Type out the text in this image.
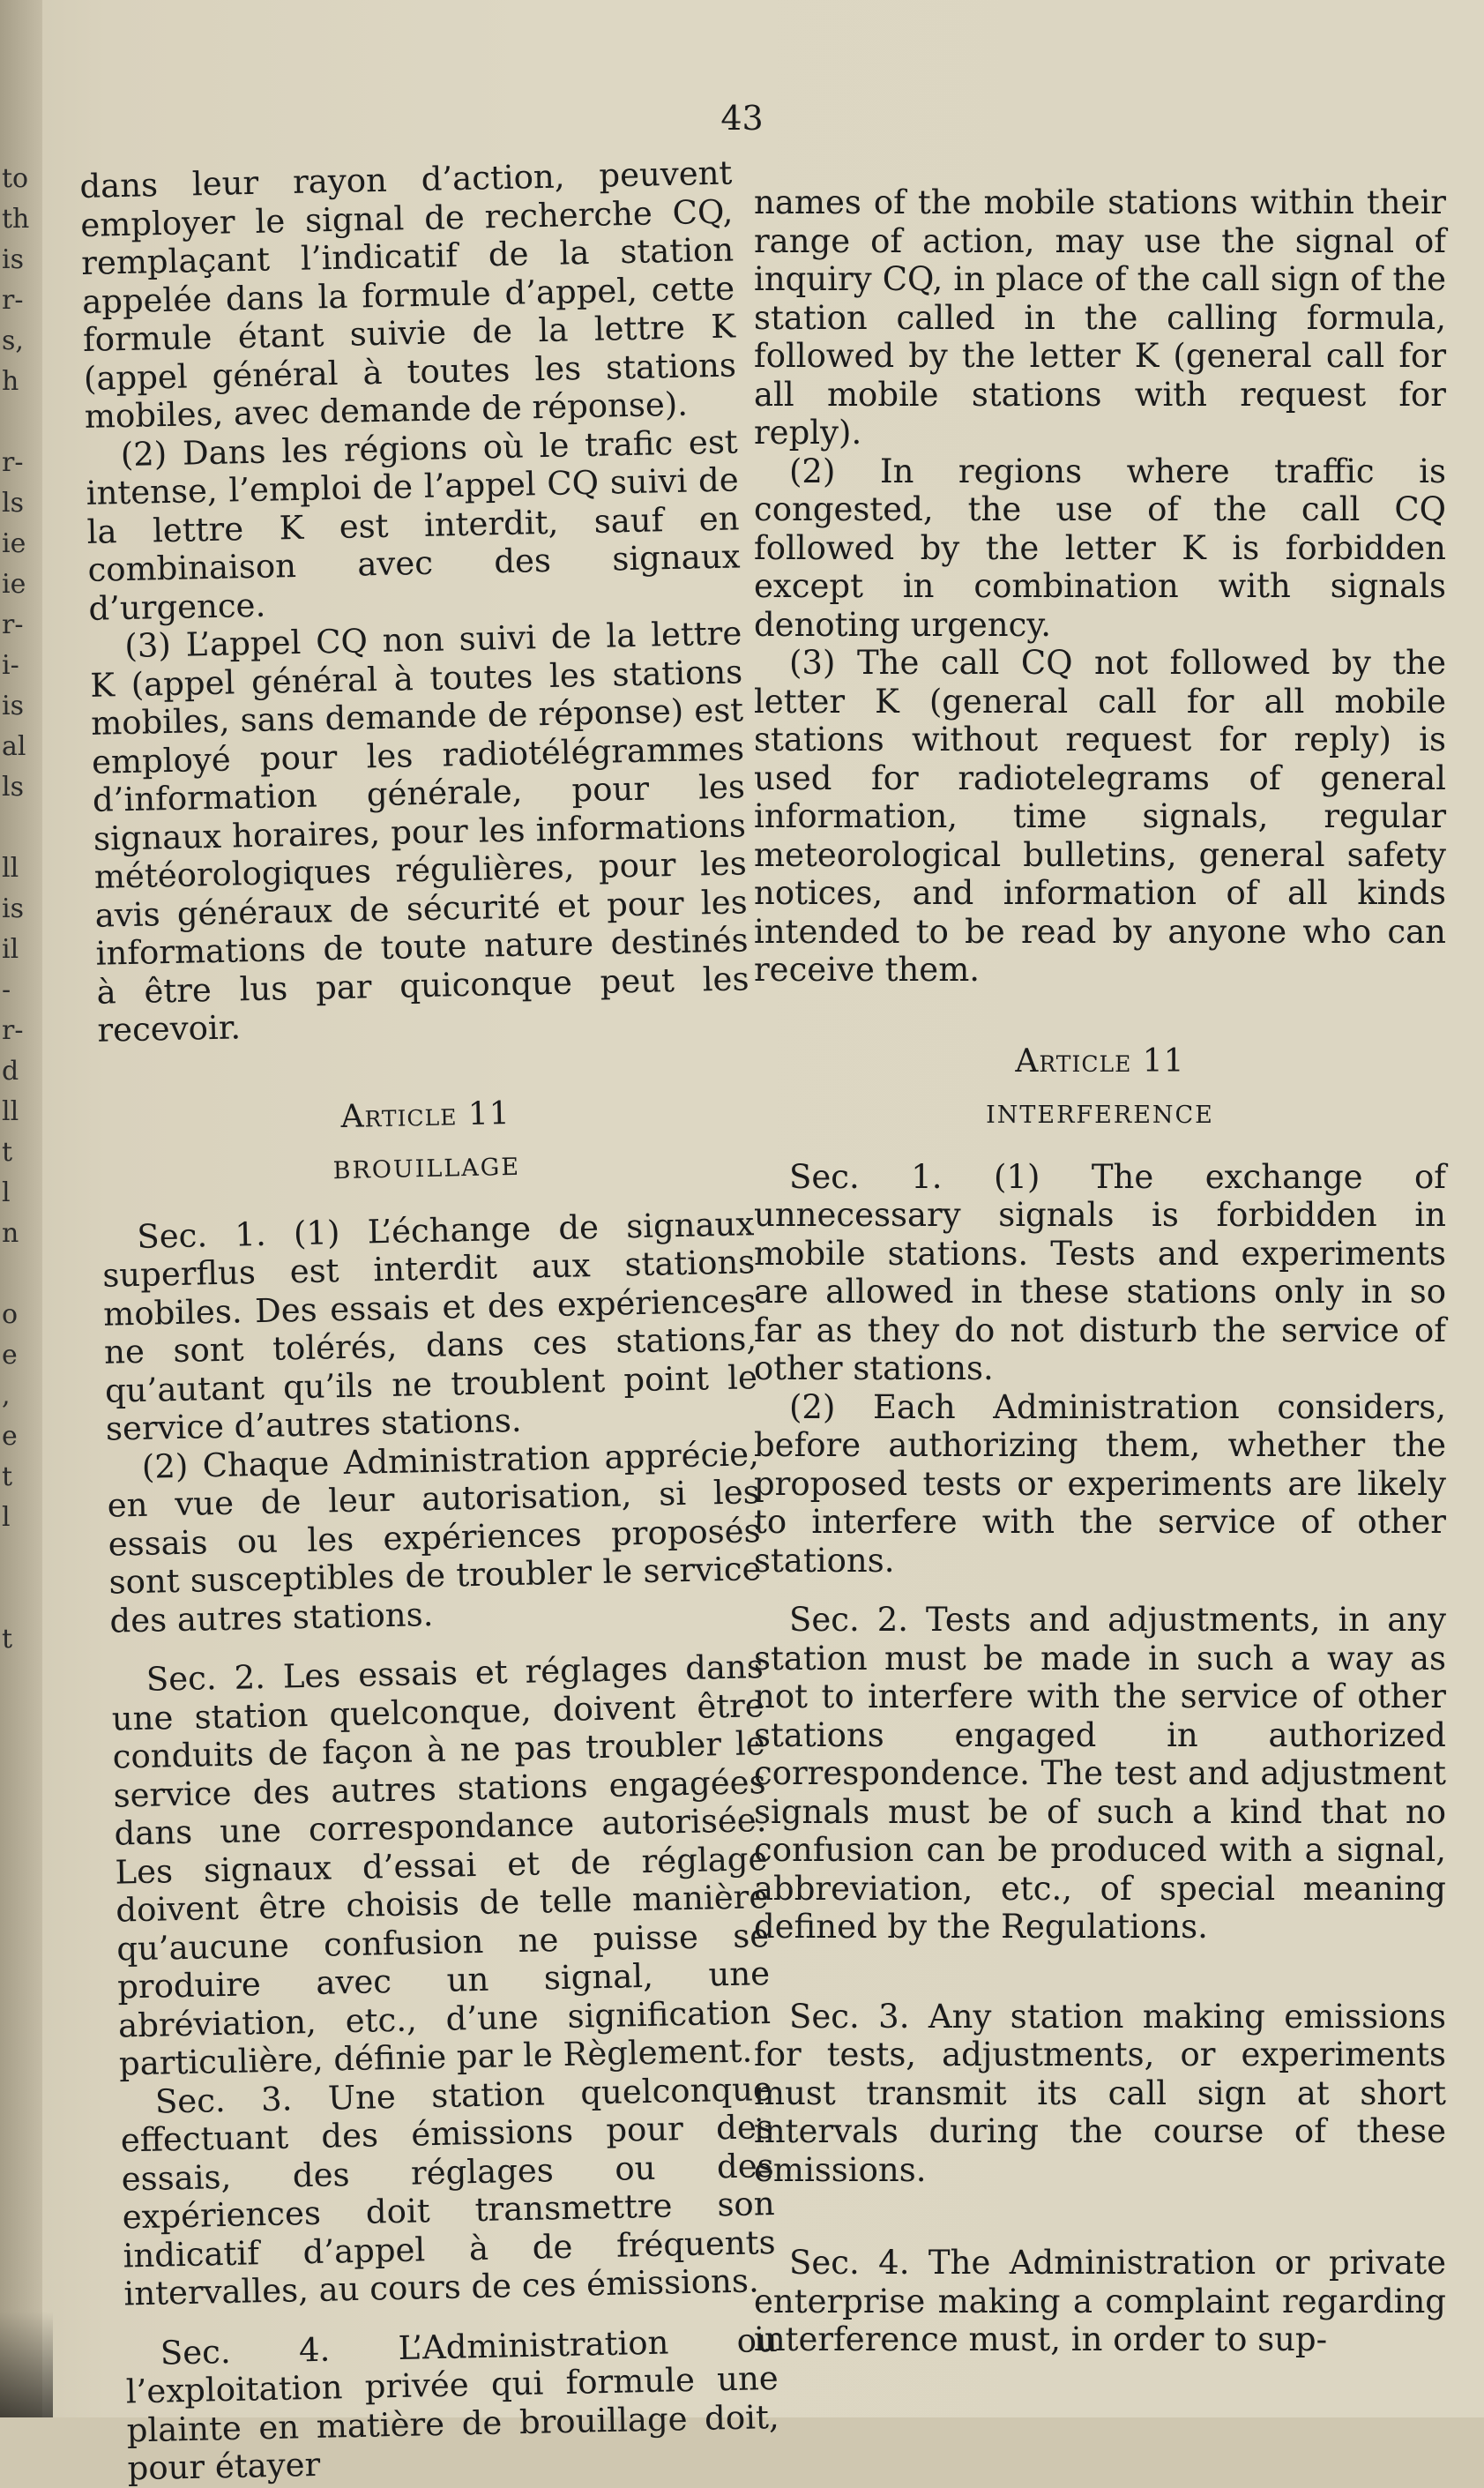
to
th
is
r-
s,
h
r-
ls
ie
ie
r-
i-
is
al
ls
ll
is
il
-
r-
d
ll
t
l
n
o
e
,
e
t
l
t
43

dans leur rayon d’action, peuvent employer le signal de recherche CQ, remplaçant l’indicatif de la station appelée dans la formule d’appel, cette formule étant suivie de la lettre K (appel général à toutes les stations mobiles, avec demande de réponse).

(2) Dans les régions où le trafic est intense, l’emploi de l’appel CQ suivi de la lettre K est interdit, sauf en combinaison avec des signaux d’urgence.

(3) L’appel CQ non suivi de la lettre K (appel général à toutes les stations mobiles, sans demande de réponse) est employé pour les radiotélégrammes d’information générale, pour les signaux horaires, pour les informations météorologiques régulières, pour les avis généraux de sécurité et pour les informations de toute nature destinés à être lus par quiconque peut les recevoir.

Article 11
BROUILLAGE

Sec. 1. (1) L’échange de signaux superflus est interdit aux stations mobiles. Des essais et des expériences ne sont tolérés, dans ces stations, qu’autant qu’ils ne troublent point le service d’autres stations.

(2) Chaque Administration apprécie, en vue de leur autorisation, si les essais ou les expériences proposés sont susceptibles de troubler le service des autres stations.

Sec. 2. Les essais et réglages dans une station quelconque, doivent être conduits de façon à ne pas troubler le service des autres stations engagées dans une correspondance autorisée. Les signaux d’essai et de réglage doivent être choisis de telle manière qu’aucune confusion ne puisse se produire avec un signal, une abréviation, etc., d’une signification particulière, définie par le Règlement.

Sec. 3. Une station quelconque effectuant des émissions pour des essais, des réglages ou des expériences doit transmettre son indicatif d’appel à de fréquents intervalles, au cours de ces émissions.

Sec. 4. L’Administration ou l’exploitation privée qui formule une plainte en matière de brouillage doit, pour étayer

names of the mobile stations within their range of action, may use the signal of inquiry CQ, in place of the call sign of the station called in the calling formula, followed by the letter K (general call for all mobile stations with request for reply).

(2) In regions where traffic is congested, the use of the call CQ followed by the letter K is forbidden except in combination with signals denoting urgency.

(3) The call CQ not followed by the letter K (general call for all mobile stations without request for reply) is used for radiotelegrams of general information, time signals, regular meteorological bulletins, general safety notices, and information of all kinds intended to be read by anyone who can receive them.

Article 11
INTERFERENCE

Sec. 1. (1) The exchange of unnecessary signals is forbidden in mobile stations. Tests and experiments are allowed in these stations only in so far as they do not disturb the service of other stations.

(2) Each Administration considers, before authorizing them, whether the proposed tests or experiments are likely to interfere with the service of other stations.

Sec. 2. Tests and adjustments, in any station must be made in such a way as not to interfere with the service of other stations engaged in authorized correspondence. The test and adjustment signals must be of such a kind that no confusion can be produced with a signal, abbreviation, etc., of special meaning defined by the Regulations.

Sec. 3. Any station making emissions for tests, adjustments, or experiments must transmit its call sign at short intervals during the course of these emissions.

Sec. 4. The Administration or private enterprise making a complaint regarding interference must, in order to sup-
